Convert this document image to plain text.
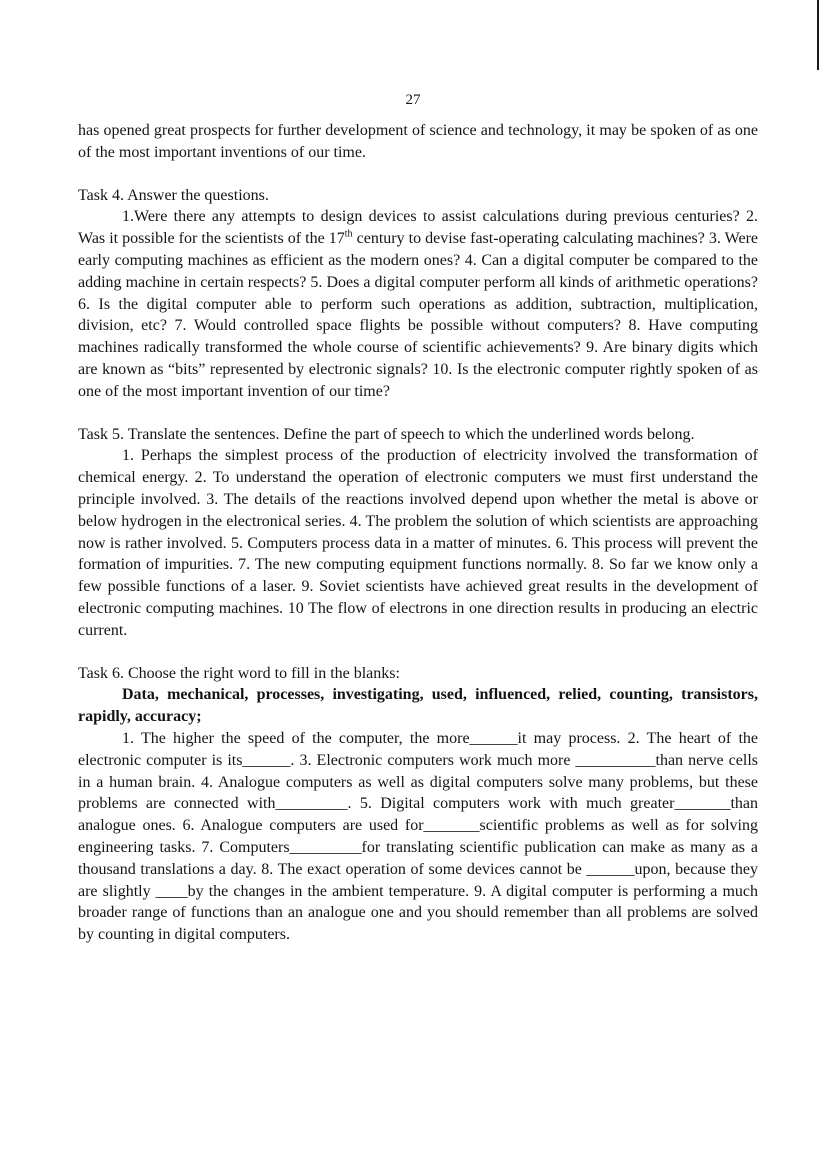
27

has opened great prospects for further development of science and technology, it may be spoken of as one of the most important inventions of our time.

Task 4. Answer the questions.

1.Were there any attempts to design devices to assist calculations during previous centuries? 2. Was it possible for the scientists of the 17th century to devise fast-operating calculating machines? 3. Were early computing machines as efficient as the modern ones? 4. Can a digital computer be compared to the adding machine in certain respects? 5. Does a digital computer perform all kinds of arithmetic operations? 6. Is the digital computer able to perform such operations as addition, subtraction, multiplication, division, etc? 7. Would controlled space flights be possible without computers? 8. Have computing machines radically transformed the whole course of scientific achievements? 9. Are binary digits which are known as “bits” represented by electronic signals? 10. Is the electronic computer rightly spoken of as one of the most important invention of our time?

Task 5. Translate the sentences. Define the part of speech to which the underlined words belong.

1. Perhaps the simplest process of the production of electricity involved the transformation of chemical energy. 2. To understand the operation of electronic computers we must first understand the principle involved. 3. The details of the reactions involved depend upon whether the metal is above or below hydrogen in the electronical series. 4. The problem the solution of which scientists are approaching now is rather involved. 5. Computers process data in a matter of minutes. 6. This process will prevent the formation of impurities. 7. The new computing equipment functions normally. 8. So far we know only a few possible functions of a laser. 9. Soviet scientists have achieved great results in the development of electronic computing machines. 10 The flow of electrons in one direction results in producing an electric current.

Task 6. Choose the right word to fill in the blanks:

Data, mechanical, processes, investigating, used, influenced, relied, counting, transistors, rapidly, accuracy;

1. The higher the speed of the computer, the more______it may process. 2. The heart of the electronic computer is its______. 3. Electronic computers work much more __________than nerve cells in a human brain. 4. Analogue computers as well as digital computers solve many problems, but these problems are connected with_________. 5. Digital computers work with much greater_______than analogue ones. 6. Analogue computers are used for_______scientific problems as well as for solving engineering tasks. 7. Computers_________for translating scientific publication can make as many as a thousand translations a day. 8. The exact operation of some devices cannot be ______upon, because they are slightly ____by the changes in the ambient temperature. 9. A digital computer is performing a much broader range of functions than an analogue one and you should remember than all problems are solved by counting in digital computers.
